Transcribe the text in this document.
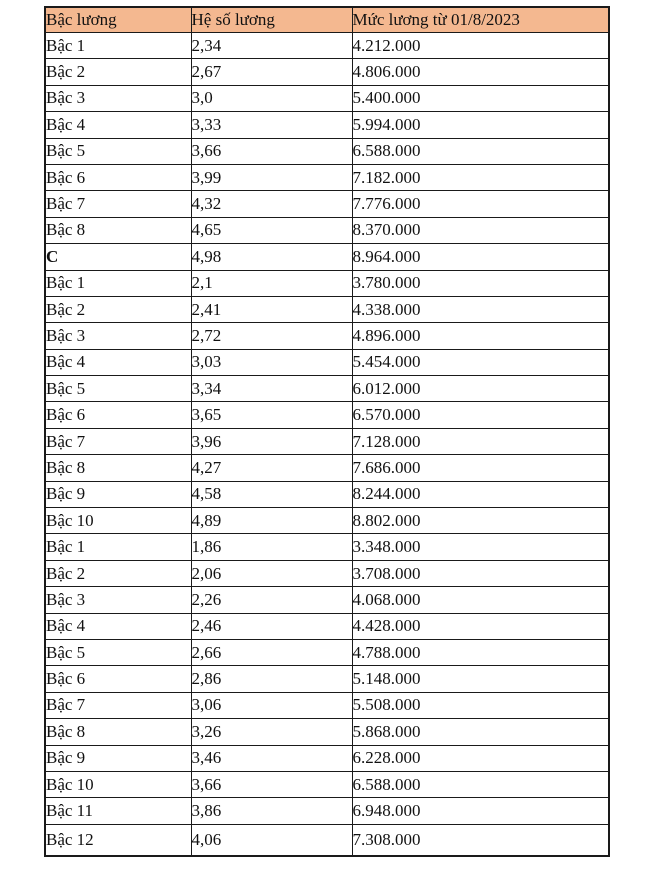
Bậc lương	Hệ số lương	Mức lương từ 01/8/2023
Bậc 1	2,34	4.212.000
Bậc 2	2,67	4.806.000
Bậc 3	3,0	5.400.000
Bậc 4	3,33	5.994.000
Bậc 5	3,66	6.588.000
Bậc 6	3,99	7.182.000
Bậc 7	4,32	7.776.000
Bậc 8	4,65	8.370.000
C	4,98	8.964.000
Bậc 1	2,1	3.780.000
Bậc 2	2,41	4.338.000
Bậc 3	2,72	4.896.000
Bậc 4	3,03	5.454.000
Bậc 5	3,34	6.012.000
Bậc 6	3,65	6.570.000
Bậc 7	3,96	7.128.000
Bậc 8	4,27	7.686.000
Bậc 9	4,58	8.244.000
Bậc 10	4,89	8.802.000
Bậc 1	1,86	3.348.000
Bậc 2	2,06	3.708.000
Bậc 3	2,26	4.068.000
Bậc 4	2,46	4.428.000
Bậc 5	2,66	4.788.000
Bậc 6	2,86	5.148.000
Bậc 7	3,06	5.508.000
Bậc 8	3,26	5.868.000
Bậc 9	3,46	6.228.000
Bậc 10	3,66	6.588.000
Bậc 11	3,86	6.948.000
Bậc 12	4,06	7.308.000
